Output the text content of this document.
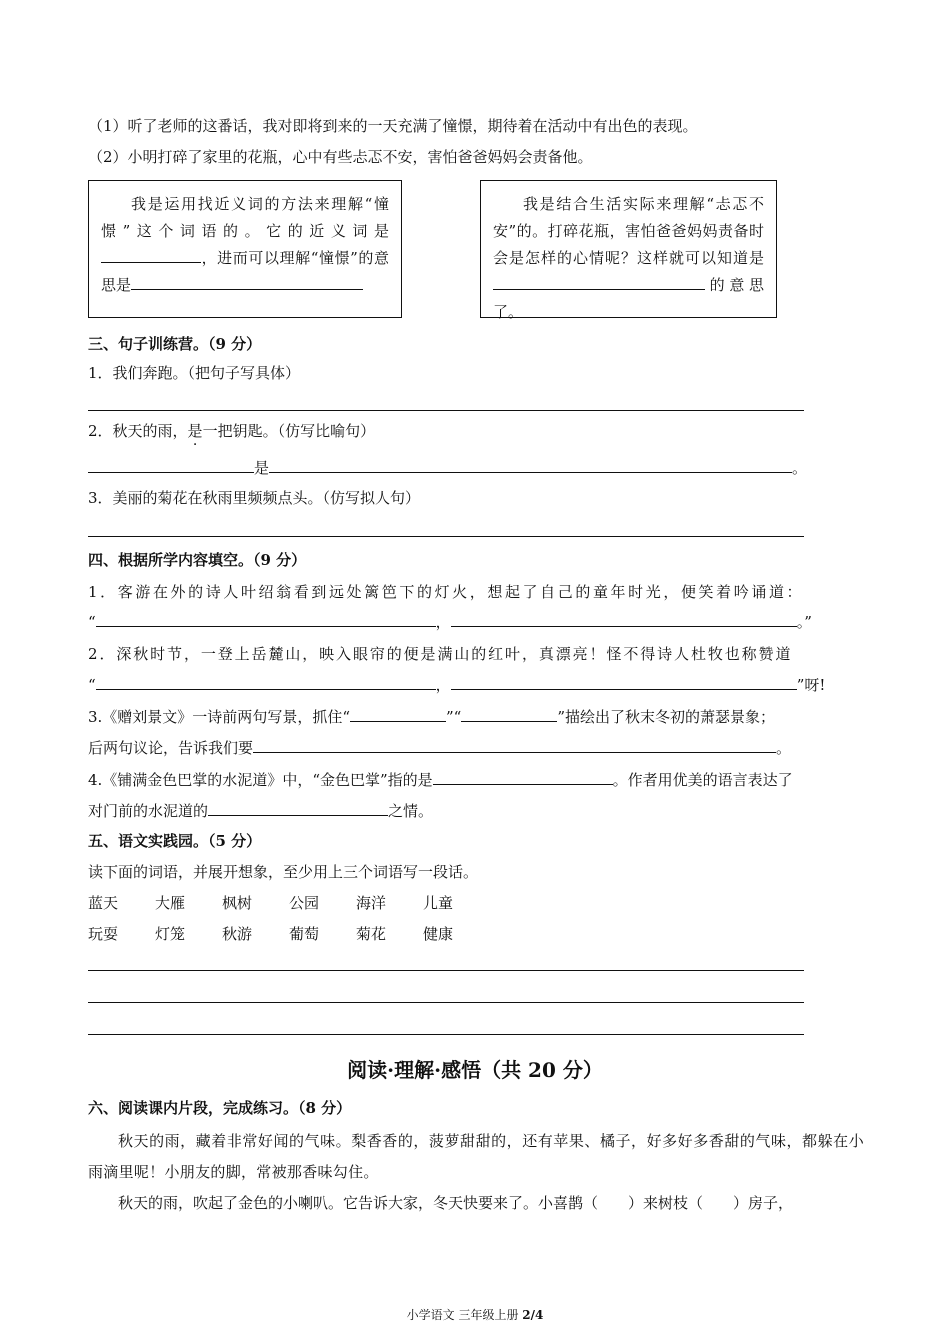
（1）听了老师的这番话，我对即将到来的一天充满了憧憬，期待着在活动中有出色的表现。
（2）小明打碎了家里的花瓶，心中有些忐忑不安，害怕爸爸妈妈会责备他。

我是运用找近义词的方法来理解“憧憬”这个词语的。它的近义词是，进而可以理解“憧憬”的意思是

我是结合生活实际来理解“忐忑不安”的。打碎花瓶，害怕爸爸妈妈责备时会是怎样的心情呢？这样就可以知道是的意思了。

三、句子训练营。（9 分）
1．我们奔跑。（把句子写具体）
2．秋天的雨，是一把钥匙。（仿写比喻句）
是	。
3．美丽的菊花在秋雨里频频点头。（仿写拟人句）
四、根据所学内容填空。（9 分）
1．客游在外的诗人叶绍翁看到远处篱笆下的灯火，想起了自己的童年时光，便笑着吟诵道：
“	，	。”
2．深秋时节，一登上岳麓山，映入眼帘的便是满山的红叶，真漂亮！怪不得诗人杜牧也称赞道
“	，	”呀!
3.《赠刘景文》一诗前两句写景，抓住“	”“	”描绘出了秋末冬初的萧瑟景象；
后两句议论，告诉我们要	。
4.《铺满金色巴掌的水泥道》中，“金色巴掌”指的是	。作者用优美的语言表达了
对门前的水泥道的	之情。
五、语文实践园。（5 分）
读下面的词语，并展开想象，至少用上三个词语写一段话。
蓝天 大雁 枫树 公园 海洋 儿童
玩耍 灯笼 秋游 葡萄 菊花 健康
阅读·理解·感悟（共 20 分）
六、阅读课内片段，完成练习。（8 分）
秋天的雨，藏着非常好闻的气味。梨香香的，菠萝甜甜的，还有苹果、橘子，好多好多香甜的气味，都躲在小雨滴里呢！小朋友的脚，常被那香味勾住。
秋天的雨，吹起了金色的小喇叭。它告诉大家，冬天快要来了。小喜鹊（　　）来树枝（　　）房子，
小学语文 三年级上册 2/4
